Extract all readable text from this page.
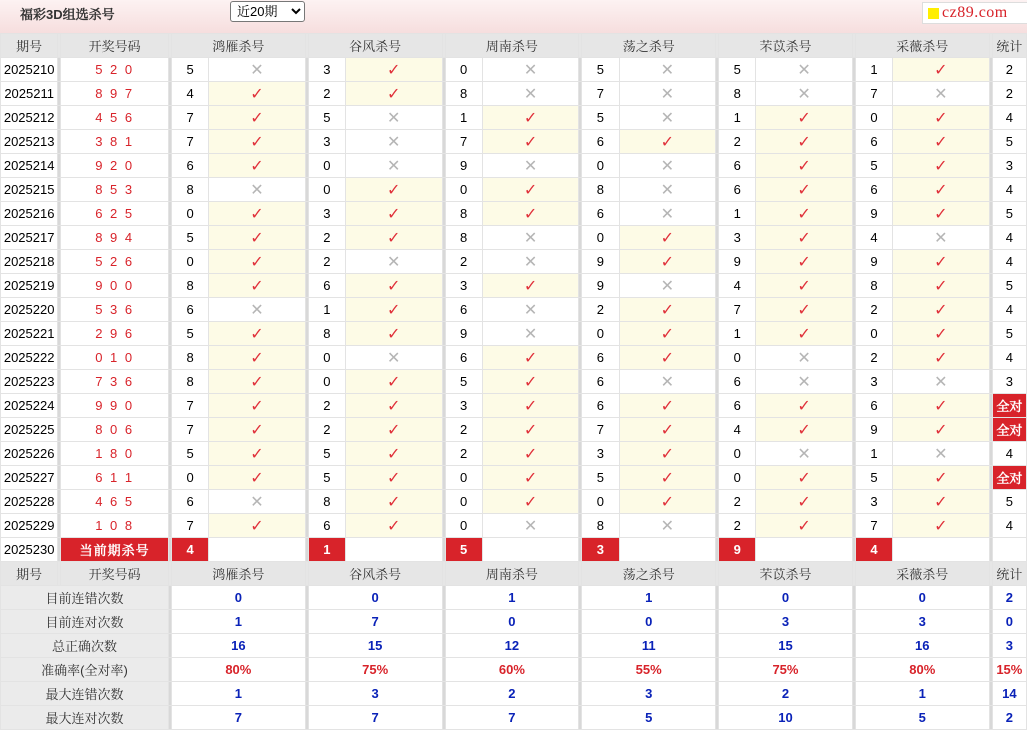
福彩3D组选杀号
近20期	cz89.com
期号		开奖号码		鸿雁杀号			谷风杀号			周南杀号			荡之杀号			芣苡杀号			采薇杀号			统计
2025210		5 2 0		5	✕		3	✓		0	✕		5	✕		5	✕		1	✓		2
2025211		8 9 7		4	✓		2	✓		8	✕		7	✕		8	✕		7	✕		2
2025212		4 5 6		7	✓		5	✕		1	✓		5	✕		1	✓		0	✓		4
2025213		3 8 1		7	✓		3	✕		7	✓		6	✓		2	✓		6	✓		5
2025214		9 2 0		6	✓		0	✕		9	✕		0	✕		6	✓		5	✓		3
2025215		8 5 3		8	✕		0	✓		0	✓		8	✕		6	✓		6	✓		4
2025216		6 2 5		0	✓		3	✓		8	✓		6	✕		1	✓		9	✓		5
2025217		8 9 4		5	✓		2	✓		8	✕		0	✓		3	✓		4	✕		4
2025218		5 2 6		0	✓		2	✕		2	✕		9	✓		9	✓		9	✓		4
2025219		9 0 0		8	✓		6	✓		3	✓		9	✕		4	✓		8	✓		5
2025220		5 3 6		6	✕		1	✓		6	✕		2	✓		7	✓		2	✓		4
2025221		2 9 6		5	✓		8	✓		9	✕		0	✓		1	✓		0	✓		5
2025222		0 1 0		8	✓		0	✕		6	✓		6	✓		0	✕		2	✓		4
2025223		7 3 6		8	✓		0	✓		5	✓		6	✕		6	✕		3	✕		3
2025224		9 9 0		7	✓		2	✓		3	✓		6	✓		6	✓		6	✓		全对
2025225		8 0 6		7	✓		2	✓		2	✓		7	✓		4	✓		9	✓		全对
2025226		1 8 0		5	✓		5	✓		2	✓		3	✓		0	✕		1	✕		4
2025227		6 1 1		0	✓		5	✓		0	✓		5	✓		0	✓		5	✓		全对
2025228		4 6 5		6	✕		8	✓		0	✓		0	✓		2	✓		3	✓		5
2025229		1 0 8		7	✓		6	✓		0	✕		8	✕		2	✓		7	✓		4
2025230		当前期杀号		4			1			5			3			9			4			
期号		开奖号码		鸿雁杀号			谷风杀号			周南杀号			荡之杀号			芣苡杀号			采薇杀号			统计
目前连错次数				0			0			1			1			0			0			2
目前连对次数				1			7			0			0			3			3			0
总正确次数				16			15			12			11			15			16			3
准确率(全对率)				80%			75%			60%			55%			75%			80%			15%
最大连错次数				1			3			2			3			2			1			14
最大连对次数				7			7			7			5			10			5			2
